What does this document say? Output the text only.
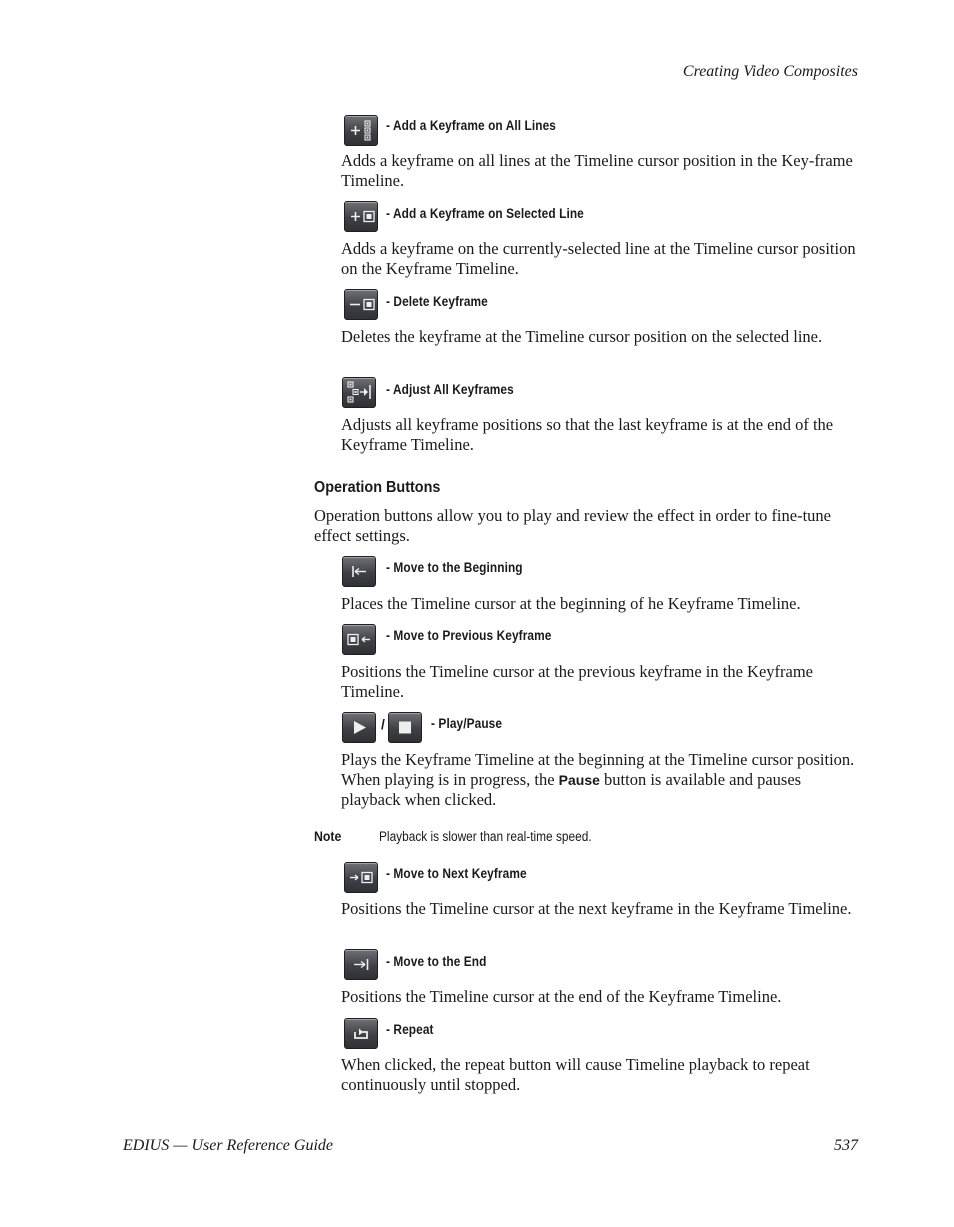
Creating Video Composites
- Add a Keyframe on All Lines
Adds a keyframe on all lines at the Timeline cursor position in the Key-frame Timeline.
- Add a Keyframe on Selected Line
Adds a keyframe on the currently-selected line at the Timeline cursor position on the Keyframe Timeline.
- Delete Keyframe
Deletes the keyframe at the Timeline cursor position on the selected line.
- Adjust All Keyframes
Adjusts all keyframe positions so that the last keyframe is at the end of the Keyframe Timeline.
Operation Buttons
Operation buttons allow you to play and review the effect in order to fine-tune effect settings.
- Move to the Beginning
Places the Timeline cursor at the beginning of he Keyframe Timeline.
- Move to Previous Keyframe
Positions the Timeline cursor at the previous keyframe in the Keyframe Timeline.
/	- Play/Pause
Plays the Keyframe Timeline at the beginning at the Timeline cursor position. When playing is in progress, the Pause button is available and pauses playback when clicked.
Note	Playback is slower than real-time speed.
- Move to Next Keyframe
Positions the Timeline cursor at the next keyframe in the Keyframe Timeline.
- Move to the End
Positions the Timeline cursor at the end of the Keyframe Timeline.
- Repeat
When clicked, the repeat button will cause Timeline playback to repeat continuously until stopped.
EDIUS — User Reference Guide	537
